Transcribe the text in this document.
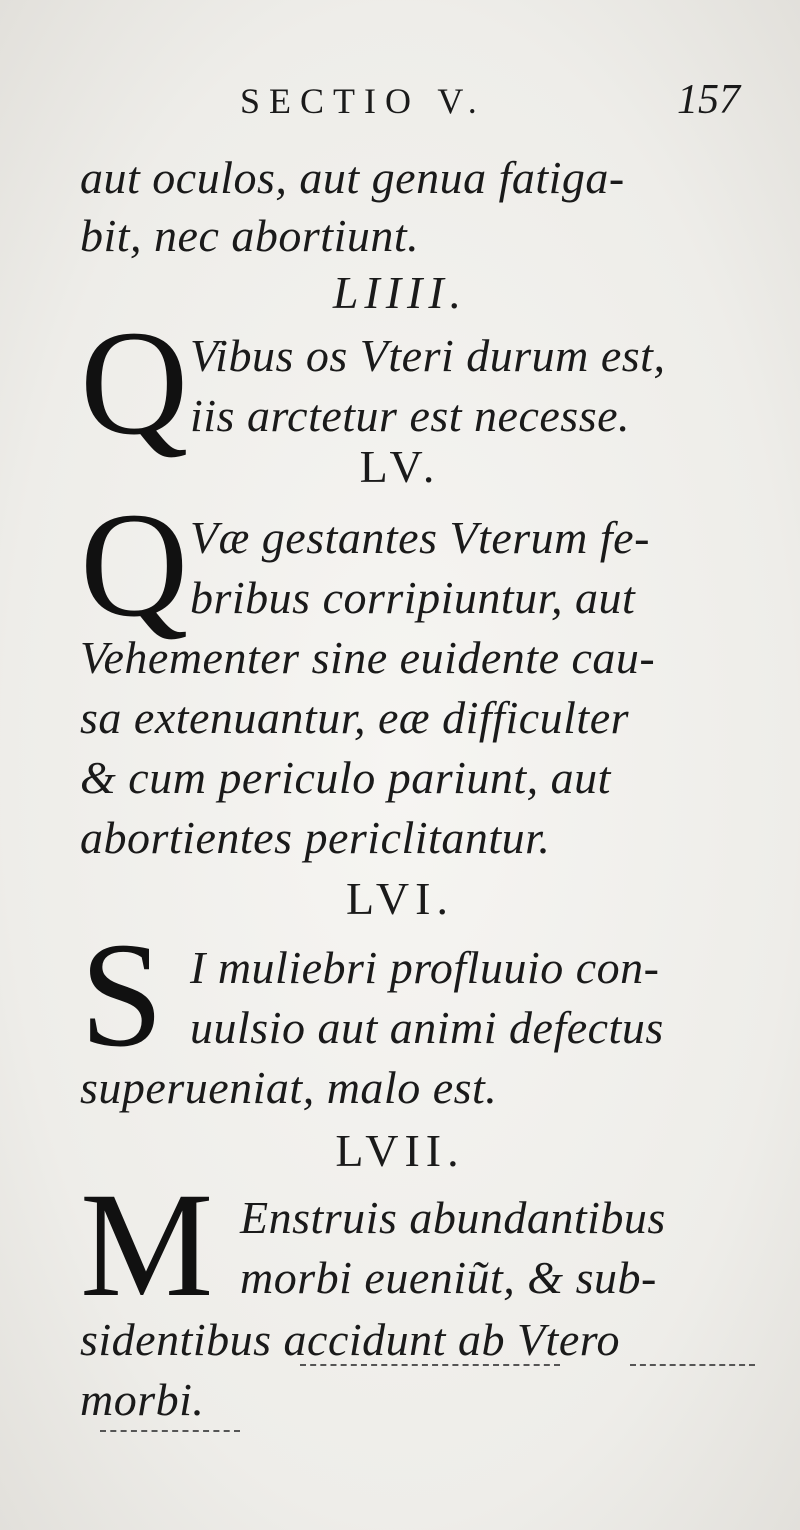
SECTIO V.	157
aut oculos, aut genua fatiga-
bit, nec abortiunt.
LIIII.
Q Vibus os Vteri durum est,
iis arctetur est necesse.
LV.
Q Væ gestantes Vterum fe-
bribus corripiuntur, aut
Vehementer sine euidente cau-
sa extenuantur, eæ difficulter
& cum periculo pariunt, aut
abortientes periclitantur.
LVI.
S I muliebri profluuio con-
uulsio aut animi defectus
superueniat, malo est.
LVII.
M Enstruis abundantibus
morbi eueniũt, & sub-
sidentibus accidunt ab Vtero
morbi.
